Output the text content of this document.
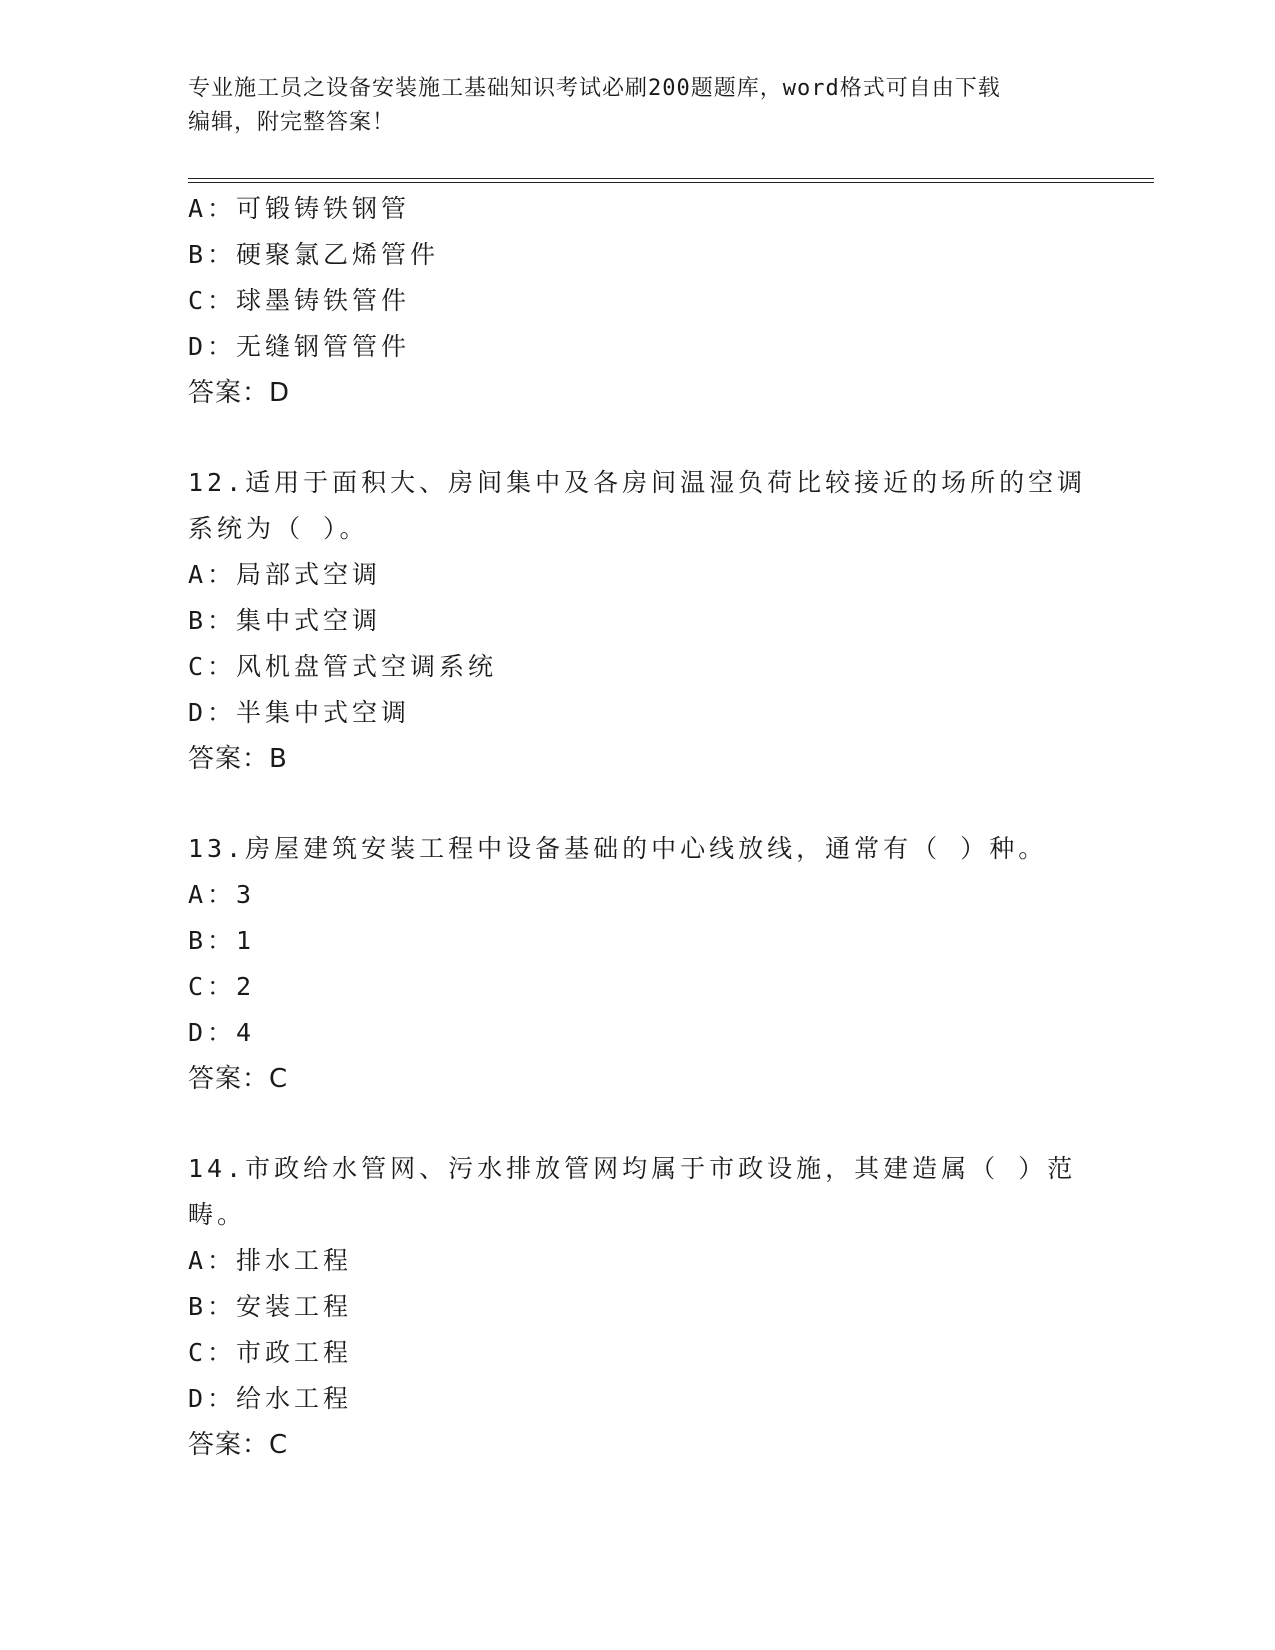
专业施工员之设备安装施工基础知识考试必刷200题题库，word格式可自由下载
编辑，附完整答案！
A：可锻铸铁钢管
B：硬聚氯乙烯管件
C：球墨铸铁管件
D：无缝钢管管件
答案：D
12.适用于面积大、房间集中及各房间温湿负荷比较接近的场所的空调
系统为（ ）。
A：局部式空调
B：集中式空调
C：风机盘管式空调系统
D：半集中式空调
答案：B
13.房屋建筑安装工程中设备基础的中心线放线，通常有（ ）种。
A：3
B：1
C：2
D：4
答案：C
14.市政给水管网、污水排放管网均属于市政设施，其建造属（ ）范
畴。
A：排水工程
B：安装工程
C：市政工程
D：给水工程
答案：C
